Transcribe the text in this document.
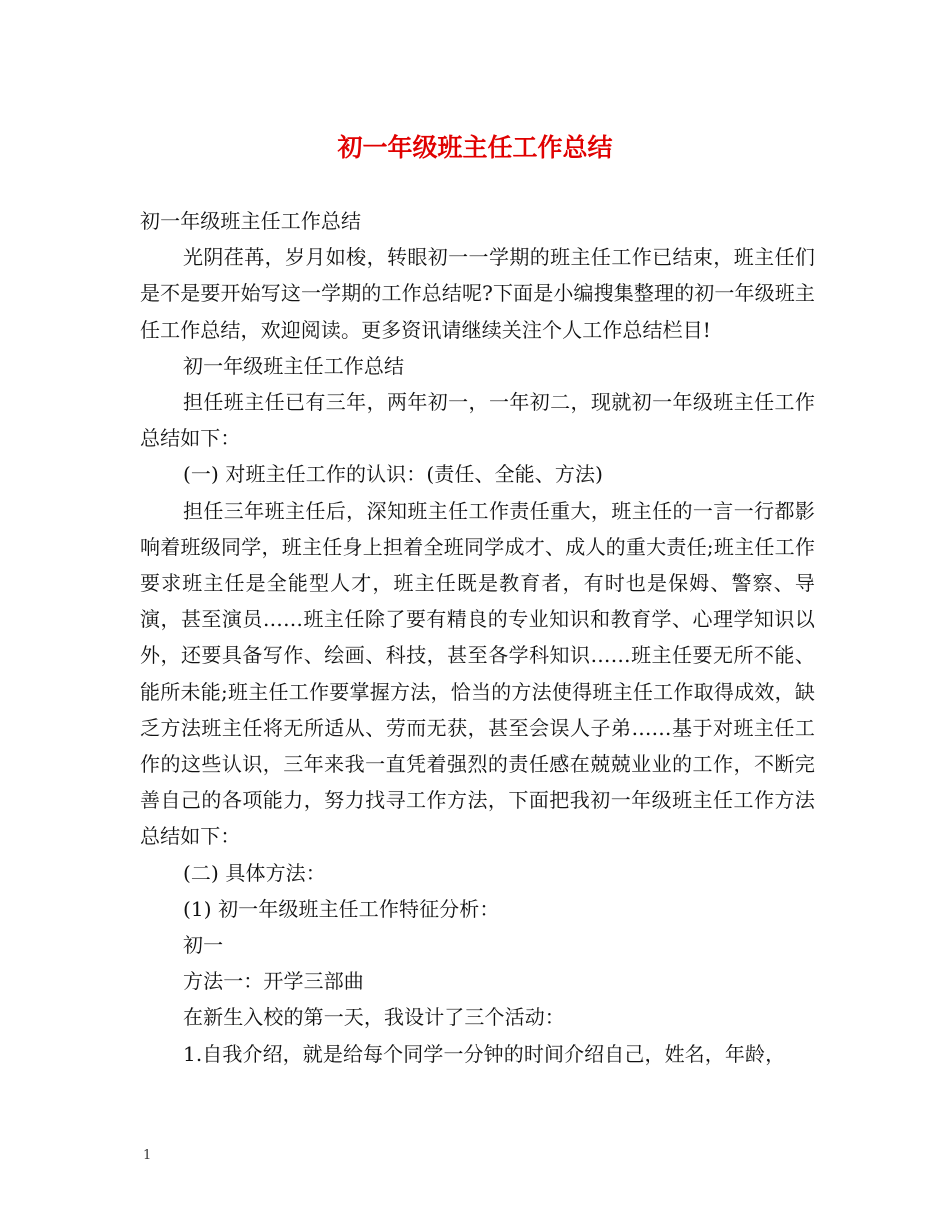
初一年级班主任工作总结

初一年级班主任工作总结

光阴荏苒，岁月如梭，转眼初一一学期的班主任工作已结束，班主任们是不是要开始写这一学期的工作总结呢?下面是小编搜集整理的初一年级班主任工作总结，欢迎阅读。更多资讯请继续关注个人工作总结栏目!

初一年级班主任工作总结

担任班主任已有三年，两年初一，一年初二，现就初一年级班主任工作总结如下：

(一) 对班主任工作的认识：(责任、全能、方法)

担任三年班主任后，深知班主任工作责任重大，班主任的一言一行都影响着班级同学，班主任身上担着全班同学成才、成人的重大责任;班主任工作要求班主任是全能型人才，班主任既是教育者，有时也是保姆、警察、导演，甚至演员……班主任除了要有精良的专业知识和教育学、心理学知识以外，还要具备写作、绘画、科技，甚至各学科知识……班主任要无所不能、能所未能;班主任工作要掌握方法，恰当的方法使得班主任工作取得成效，缺乏方法班主任将无所适从、劳而无获，甚至会误人子弟……基于对班主任工作的这些认识，三年来我一直凭着强烈的责任感在兢兢业业的工作，不断完善自己的各项能力，努力找寻工作方法，下面把我初一年级班主任工作方法总结如下：

(二) 具体方法：

(1) 初一年级班主任工作特征分析：

初一

方法一：开学三部曲

在新生入校的第一天，我设计了三个活动：

1.自我介绍，就是给每个同学一分钟的时间介绍自己，姓名，年龄，

1
